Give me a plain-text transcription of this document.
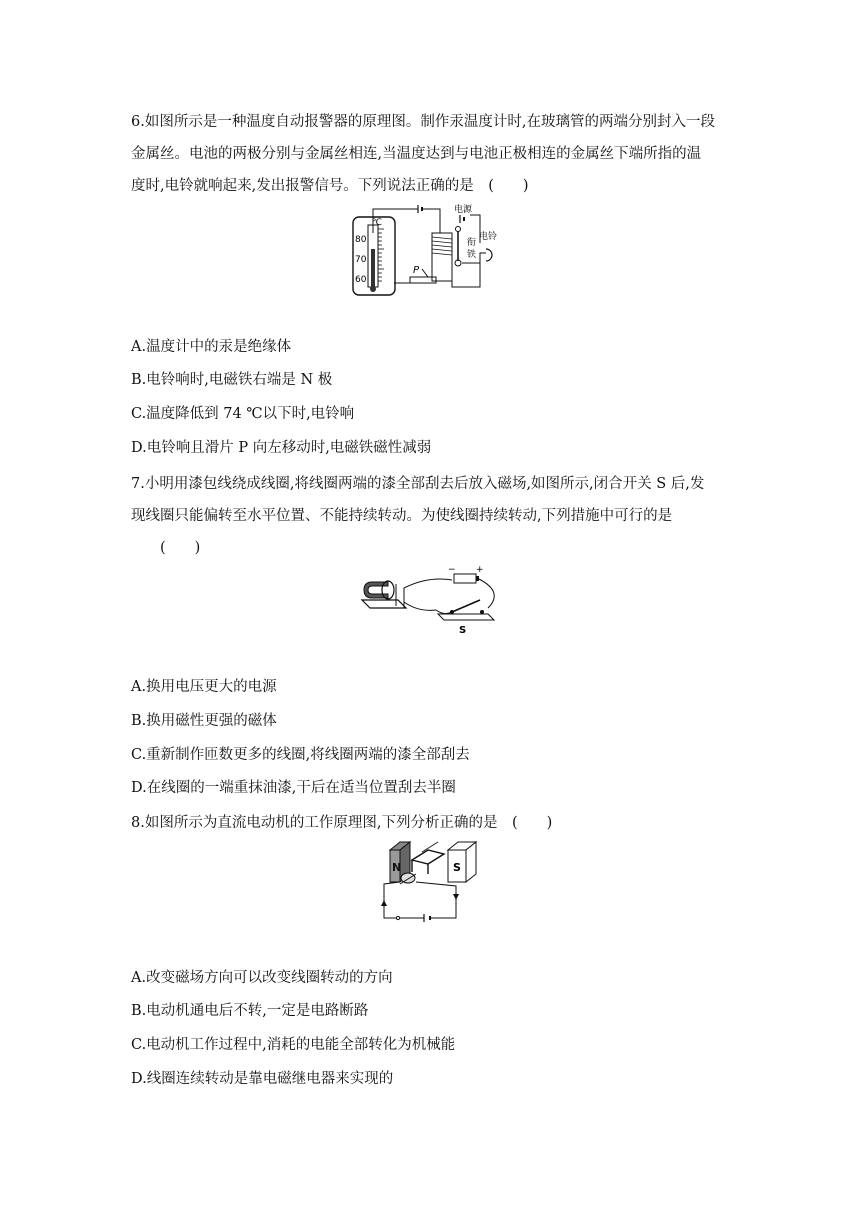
6.如图所示是一种温度自动报警器的原理图。制作汞温度计时,在玻璃管的两端分别封入一段

金属丝。电池的两极分别与金属丝相连,当温度达到与电池正极相连的金属丝下端所指的温

度时,电铃就响起来,发出报警信号。下列说法正确的是　(　　)

℃
80
70
60
P
电源
衔
铁
电铃
A.温度计中的汞是绝缘体
B.电铃响时,电磁铁右端是 N 极
C.温度降低到 74 ℃以下时,电铃响
D.电铃响且滑片 P 向左移动时,电磁铁磁性减弱

7.小明用漆包线绕成线圈,将线圈两端的漆全部刮去后放入磁场,如图所示,闭合开关 S 后,发

现线圈只能偏转至水平位置、不能持续转动。为使线圈持续转动,下列措施中可行的是

　　(　　)

− +
S
A.换用电压更大的电源
B.换用磁性更强的磁体
C.重新制作匝数更多的线圈,将线圈两端的漆全部刮去
D.在线圈的一端重抹油漆,干后在适当位置刮去半圈

8.如图所示为直流电动机的工作原理图,下列分析正确的是　(　　)

N	S
A.改变磁场方向可以改变线圈转动的方向
B.电动机通电后不转,一定是电路断路
C.电动机工作过程中,消耗的电能全部转化为机械能
D.线圈连续转动是靠电磁继电器来实现的
